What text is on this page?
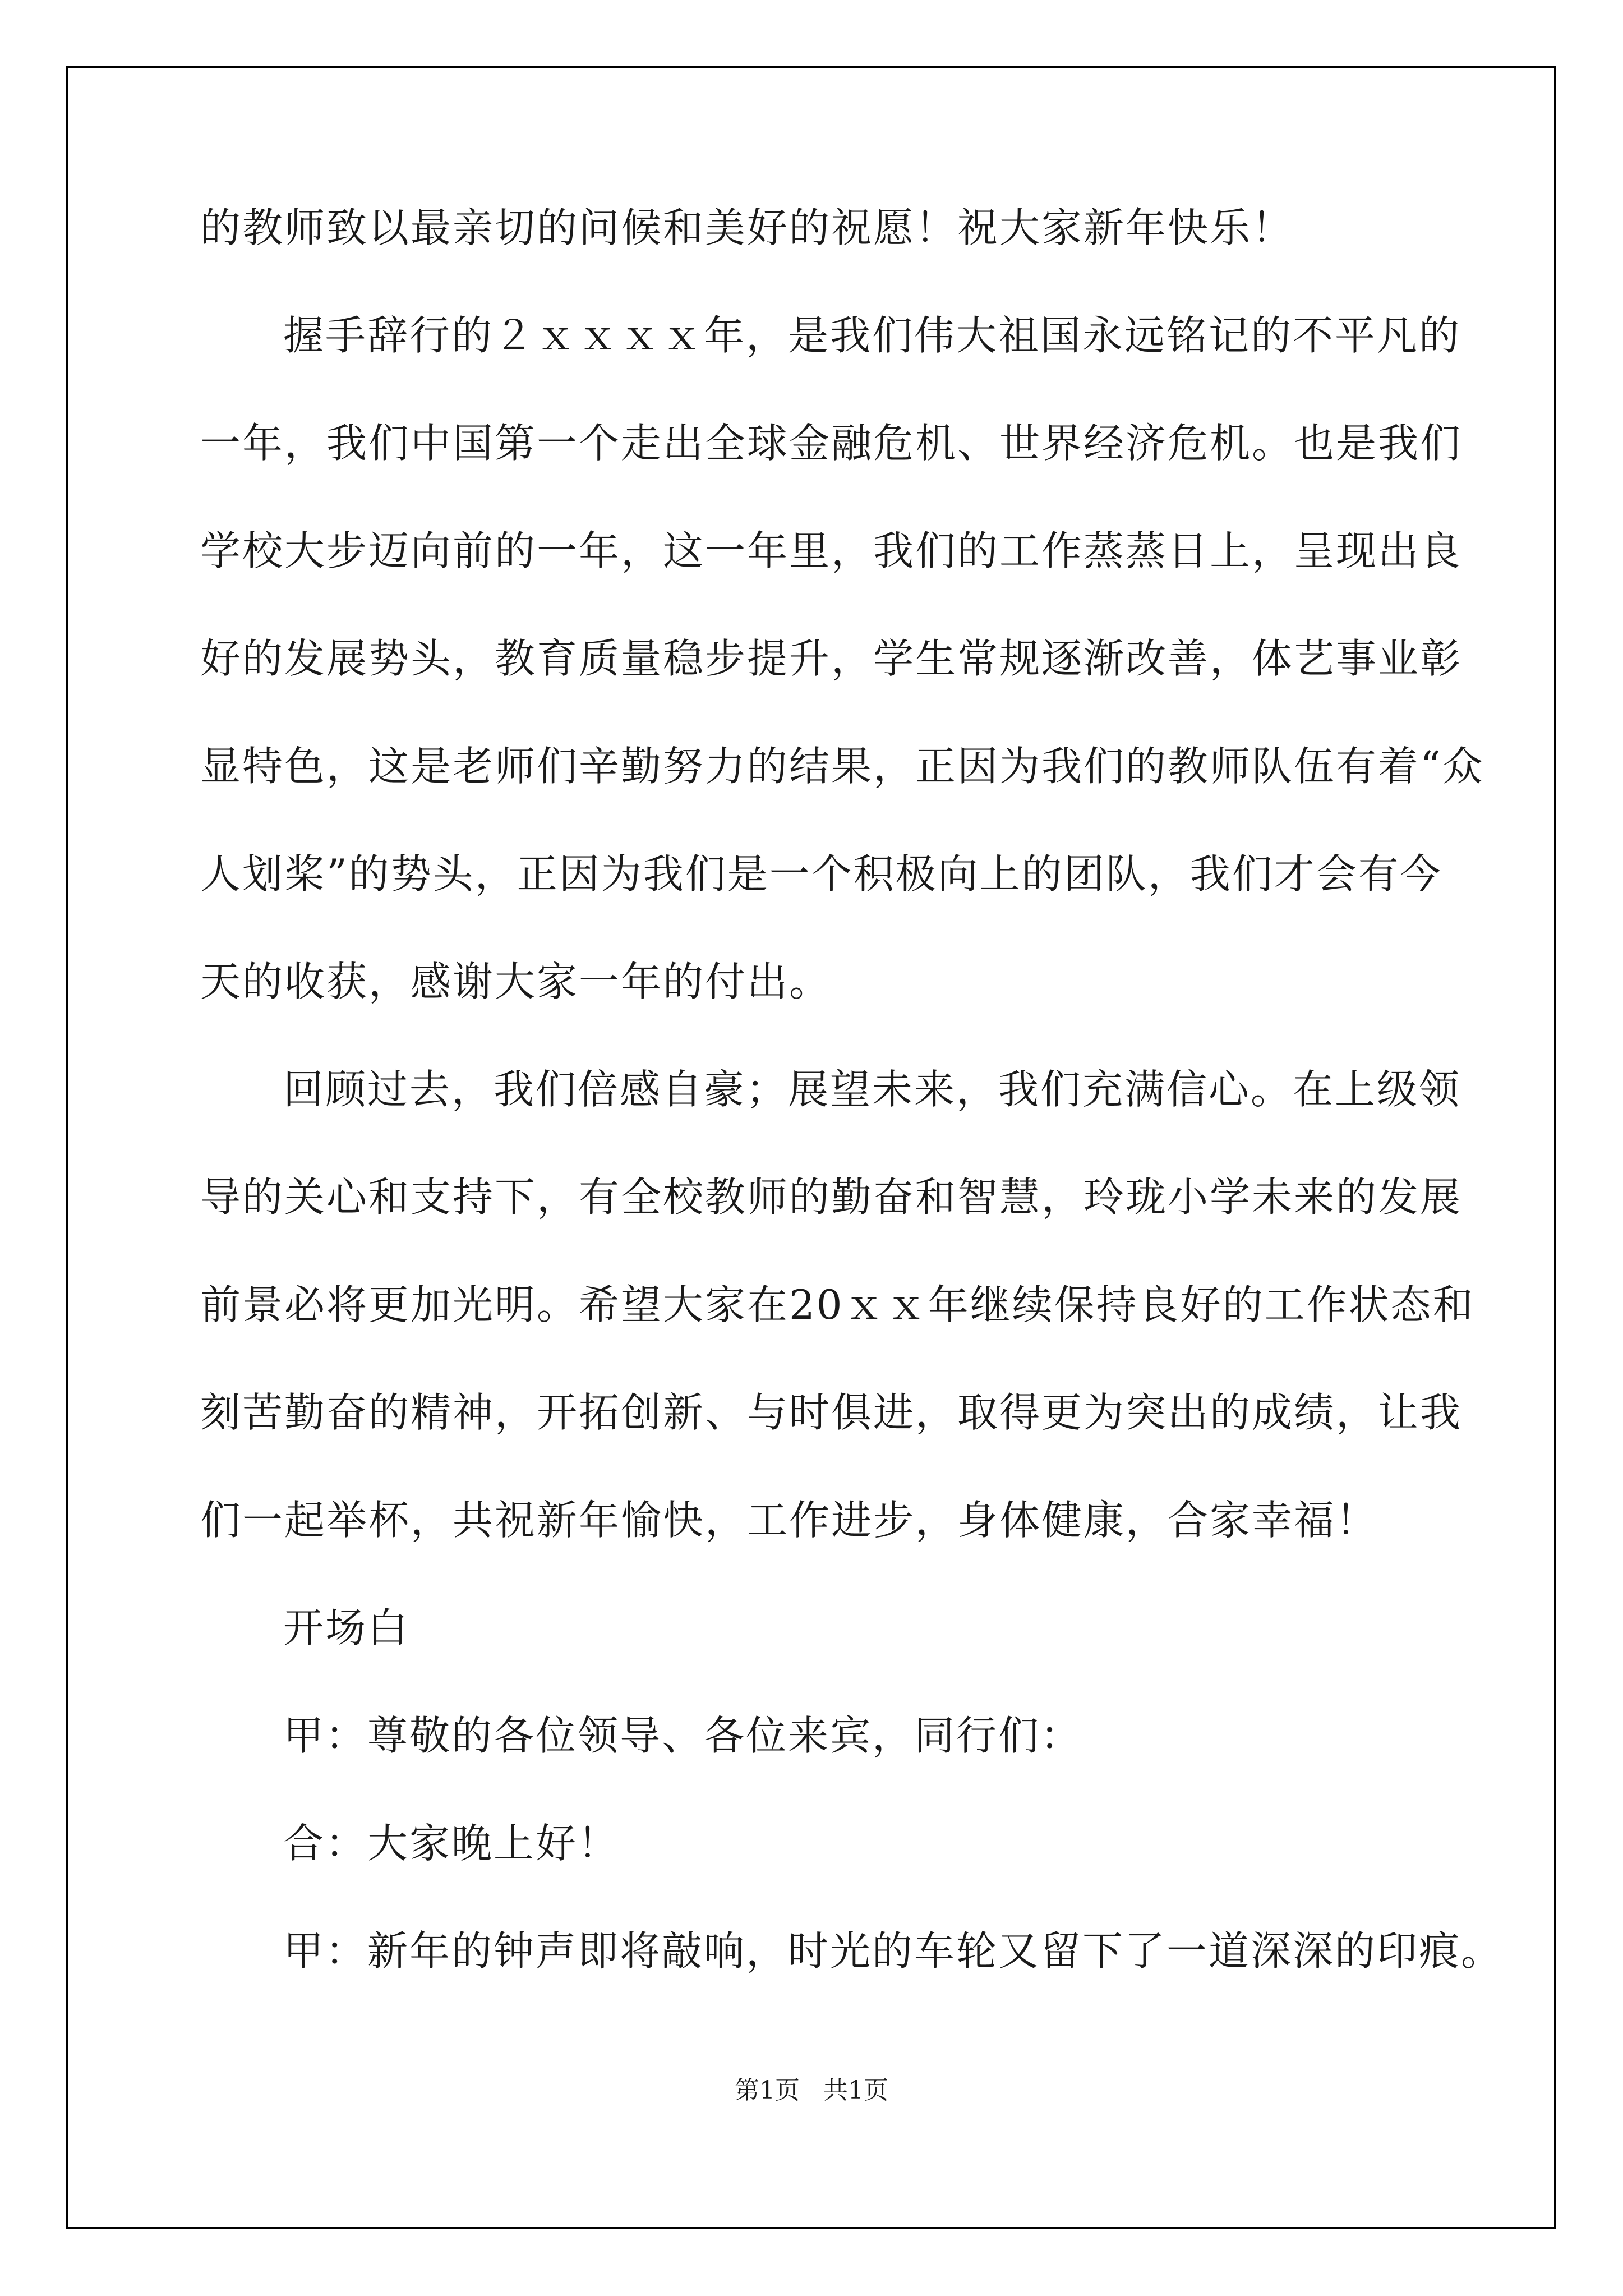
的教师致以最亲切的问候和美好的祝愿！祝大家新年快乐！
握手辞行的２ｘｘｘｘ年，是我们伟大祖国永远铭记的不平凡的
一年，我们中国第一个走出全球金融危机、世界经济危机。也是我们
学校大步迈向前的一年，这一年里，我们的工作蒸蒸日上，呈现出良
好的发展势头，教育质量稳步提升，学生常规逐渐改善，体艺事业彰
显特色，这是老师们辛勤努力的结果，正因为我们的教师队伍有着“众
人划桨”的势头，正因为我们是一个积极向上的团队，我们才会有今
天的收获，感谢大家一年的付出。
回顾过去，我们倍感自豪；展望未来，我们充满信心。在上级领
导的关心和支持下，有全校教师的勤奋和智慧，玲珑小学未来的发展
前景必将更加光明。希望大家在20ｘｘ年继续保持良好的工作状态和
刻苦勤奋的精神，开拓创新、与时俱进，取得更为突出的成绩，让我
们一起举杯，共祝新年愉快，工作进步，身体健康，合家幸福！
开场白
甲：尊敬的各位领导、各位来宾，同行们：
合：大家晚上好！
甲：新年的钟声即将敲响，时光的车轮又留下了一道深深的印痕。
第1页 共1页
